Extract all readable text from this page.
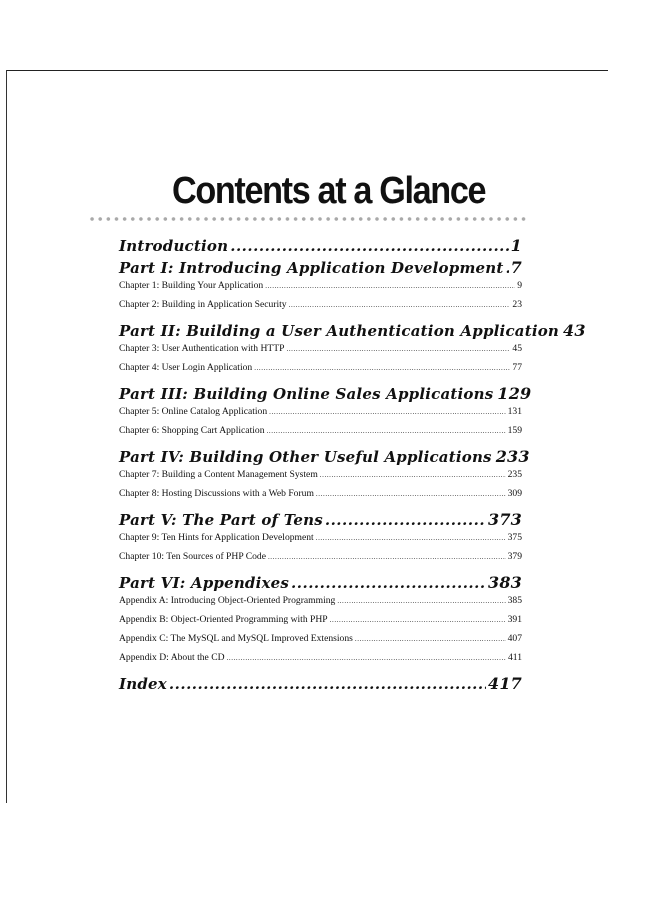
Contents at a Glance
Introduction .....	1
Part I: Introducing Application Development ..... 7
Chapter 1: Building Your Application .....	9
Chapter 2: Building in Application Security .....	23
Part II: Building a User Authentication Application 43
Chapter 3: User Authentication with HTTP .....	45
Chapter 4: User Login Application .....	77
Part III: Building Online Sales Applications 129
Chapter 5: Online Catalog Application .....	131
Chapter 6: Shopping Cart Application .....	159
Part IV: Building Other Useful Applications 233
Chapter 7: Building a Content Management System .....	235
Chapter 8: Hosting Discussions with a Web Forum .....	309
Part V: The Part of Tens .....	373
Chapter 9: Ten Hints for Application Development .....	375
Chapter 10: Ten Sources of PHP Code .....	379
Part VI: Appendixes .....	383
Appendix A: Introducing Object-Oriented Programming .....	385
Appendix B: Object-Oriented Programming with PHP .....	391
Appendix C: The MySQL and MySQL Improved Extensions .....	407
Appendix D: About the CD .....	411
Index .....	417
